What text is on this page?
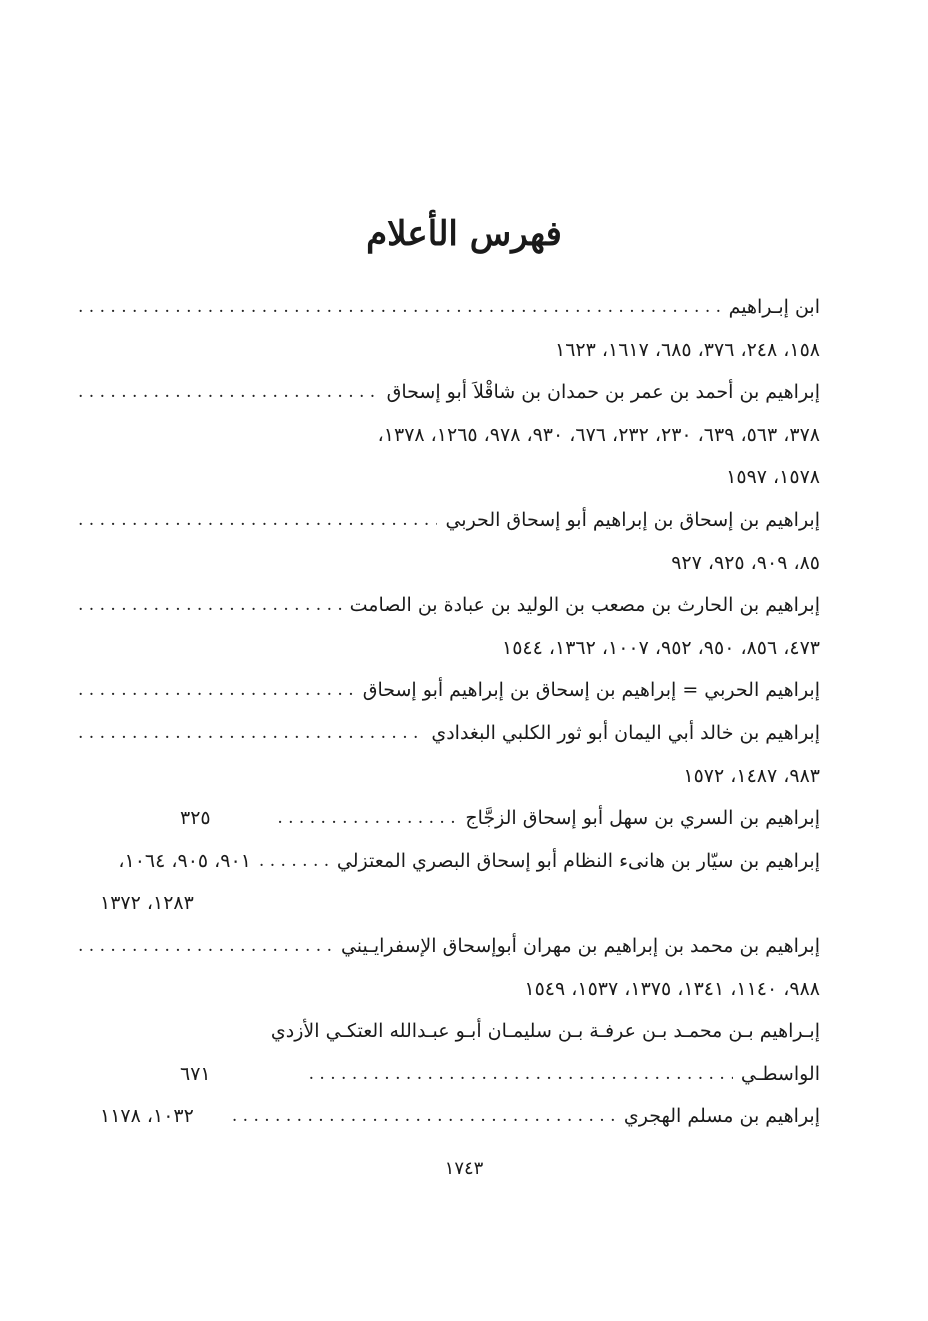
فهرس الأعلام
ابن إبـراهيم
. . .
١٥٨، ٢٤٨، ٣٧٦، ٦٨٥، ١٦١٧، ١٦٢٣
إبراهيم بن أحمد بن عمر بن حمدان بن شاقْلاَ أبو إسحاق
. . .
٣٧٨، ٥٦٣، ٦٣٩، ٢٣٠، ٢٣٢، ٦٧٦، ٩٣٠، ٩٧٨، ١٢٦٥، ١٣٧٨،
١٥٧٨، ١٥٩٧
إبراهيم بن إسحاق بن إبراهيم أبو إسحاق الحربي
. . .
٨٥، ٩٠٩، ٩٢٥، ٩٢٧
إبراهيم بن الحارث بن مصعب بن الوليد بن عبادة بن الصامت
. . .
٤٧٣، ٨٥٦، ٩٥٠، ٩٥٢، ١٠٠٧، ١٣٦٢، ١٥٤٤
إبراهيم الحربي = إبراهيم بن إسحاق بن إبراهيم أبو إسحاق
. . .
إبراهيم بن خالد أبي اليمان أبو ثور الكلبي البغدادي
. . .
٩٨٣، ١٤٨٧، ١٥٧٢
إبراهيم بن السري بن سهل أبو إسحاق الزجَّاج
. . .
٣٢٥
إبراهيم بن سيّار بن هانىء النظام أبو إسحاق البصري المعتزلي
. . .
٩٠١، ٩٠٥، ١٠٦٤،
١٢٨٣، ١٣٧٢
إبراهيم بن محمد بن إبراهيم بن مهران أبوإسحاق الإسفرايـيني
. . .
٩٨٨، ١١٤٠، ١٣٤١، ١٣٧٥، ١٥٣٧، ١٥٤٩
إبـراهيم بـن محمـد بـن عرفـة بـن سليمـان أبـو عبـدالله العتكـي الأزدي
الواسطـي
. . .
٦٧١
إبراهيم بن مسلم الهجري
. . .
١٠٣٢، ١١٧٨
١٧٤٣
